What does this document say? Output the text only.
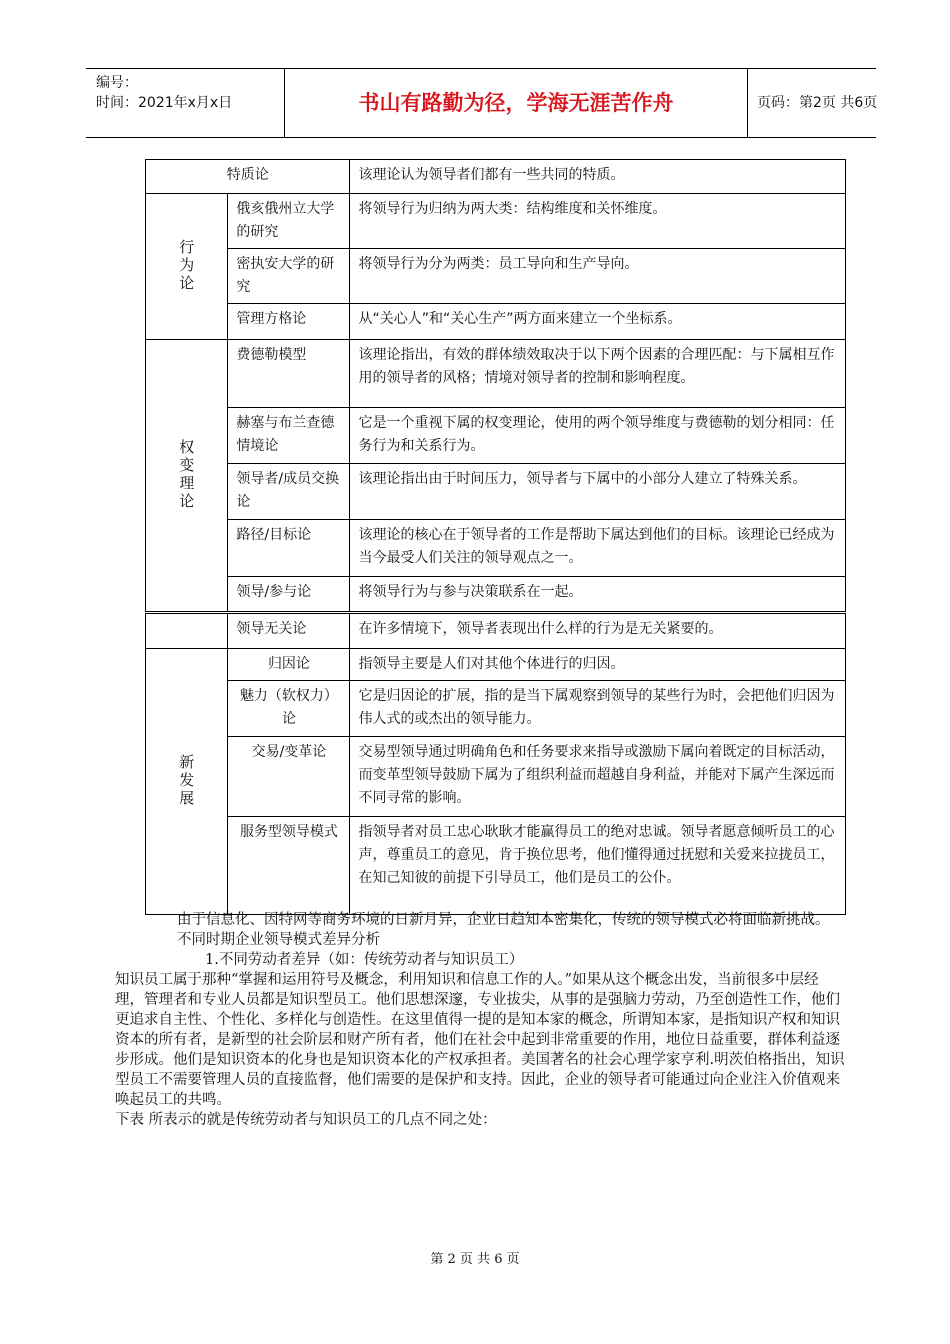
编号：
时间：2021年x月x日	书山有路勤为径，学海无涯苦作舟	页码：第2页 共6页
特质论		该理论认为领导者们都有一些共同的特质。
行为论	俄亥俄州立大学的研究	将领导行为归纳为两大类：结构维度和关怀维度。
	密执安大学的研究	将领导行为分为两类：员工导向和生产导向。
	管理方格论	从“关心人”和“关心生产”两方面来建立一个坐标系。
权变理论	费德勒模型	该理论指出，有效的群体绩效取决于以下两个因素的合理匹配：与下属相互作用的领导者的风格；情境对领导者的控制和影响程度。
	赫塞与布兰查德情境论	它是一个重视下属的权变理论，使用的两个领导维度与费德勒的划分相同：任务行为和关系行为。
	领导者/成员交换论	该理论指出由于时间压力，领导者与下属中的小部分人建立了特殊关系。
	路径/目标论	该理论的核心在于领导者的工作是帮助下属达到他们的目标。该理论已经成为当今最受人们关注的领导观点之一。
	领导/参与论	将领导行为与参与决策联系在一起。
	领导无关论	在许多情境下，领导者表现出什么样的行为是无关紧要的。
新发展	归因论	指领导主要是人们对其他个体进行的归因。
	魅力（软权力）论	它是归因论的扩展，指的是当下属观察到领导的某些行为时，会把他们归因为伟人式的或杰出的领导能力。
	交易/变革论	交易型领导通过明确角色和任务要求来指导或激励下属向着既定的目标活动，而变革型领导鼓励下属为了组织利益而超越自身利益，并能对下属产生深远而不同寻常的影响。
	服务型领导模式	指领导者对员工忠心耿耿才能赢得员工的绝对忠诚。领导者愿意倾听员工的心声，尊重员工的意见，肯于换位思考，他们懂得通过抚慰和关爱来拉拢员工，在知己知彼的前提下引导员工，他们是员工的公仆。

由于信息化、因特网等商务环境的日新月异，企业日趋知本密集化，传统的领导模式必将面临新挑战。

不同时期企业领导模式差异分析

1.不同劳动者差异（如：传统劳动者与知识员工）

知识员工属于那种“掌握和运用符号及概念，利用知识和信息工作的人。”如果从这个概念出发，当前很多中层经理，管理者和专业人员都是知识型员工。他们思想深邃，专业拔尖，从事的是强脑力劳动，乃至创造性工作，他们更追求自主性、个性化、多样化与创造性。在这里值得一提的是知本家的概念，所谓知本家，是指知识产权和知识资本的所有者，是新型的社会阶层和财产所有者，他们在社会中起到非常重要的作用，地位日益重要，群体利益逐步形成。他们是知识资本的化身也是知识资本化的产权承担者。美国著名的社会心理学家亨利.明茨伯格指出，知识型员工不需要管理人员的直接监督，他们需要的是保护和支持。因此，企业的领导者可能通过向企业注入价值观来唤起员工的共鸣。

下表 所表示的就是传统劳动者与知识员工的几点不同之处：

第 2 页 共 6 页
